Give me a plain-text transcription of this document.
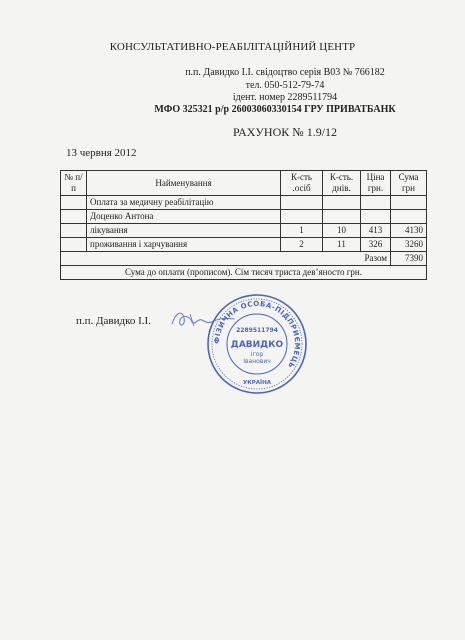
КОНСУЛЬТАТИВНО-РЕАБІЛІТАЦІЙНИЙ ЦЕНТР
п.п. Давидко І.І. свідоцтво серія В03 № 766182
тел. 050-512-79-74
ідент. номер 2289511794
МФО 325321 р/р 26003060330154 ГРУ ПРИВАТБАНК
РАХУНОК № 1.9/12
13 червня 2012
№ п/п	Найменування	К-сть .осіб	К-сть. днів.	Ціна грн.	Сума грн
	Оплата за медичну реабілітацію				
	Доценко Антона				
	лікування	1	10	413	4130
	проживання і харчування	2	11	326	3260
Разом					7390
Сума до оплати (прописом). Сім тисяч триста дев’яносто грн.					
п.п. Давидко І.І.
ФІЗИЧНА ОСОБА-ПІДПРИЄМЕЦЬ
2289511794
ДАВИДКО
Ігор
Іванович
УКРАЇНА
